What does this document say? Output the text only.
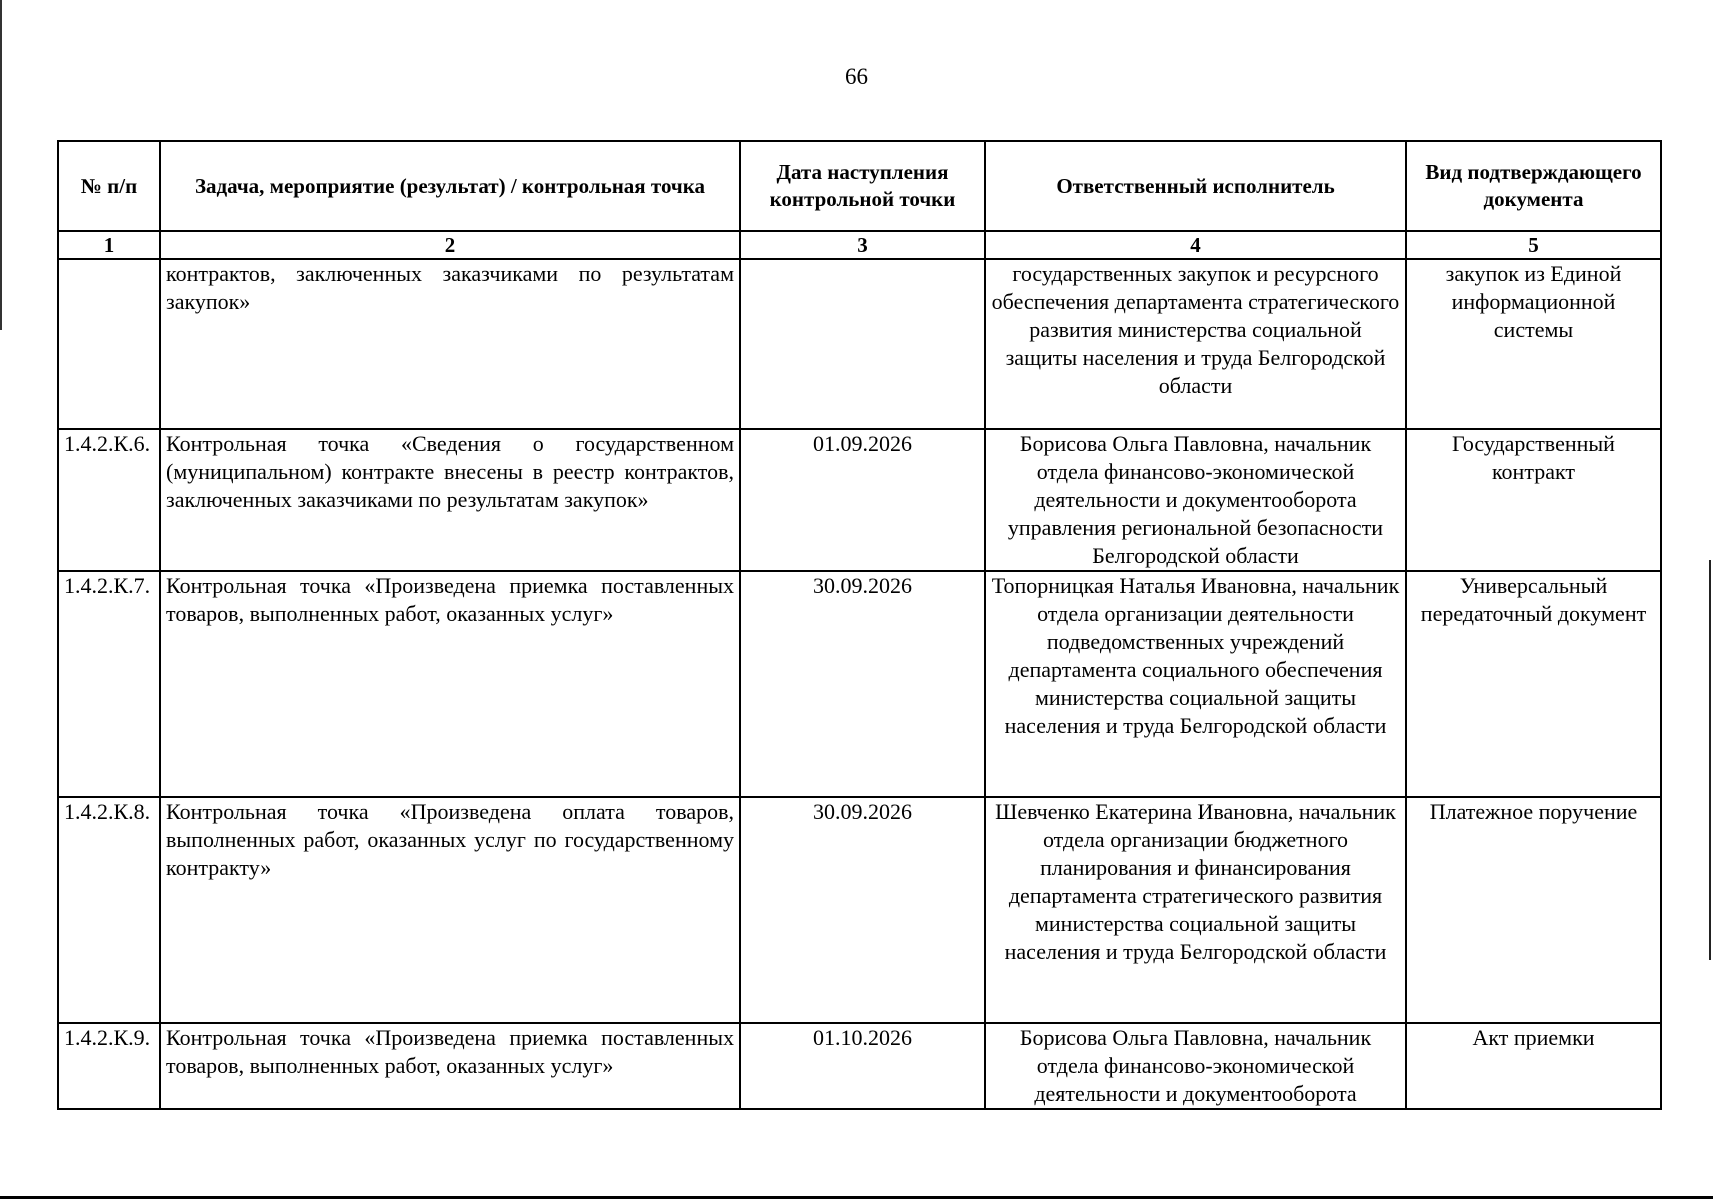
66
№ п/п	Задача, мероприятие (результат) / контрольная точка	Дата наступления контрольной точки	Ответственный исполнитель	Вид подтверждающего документа
1	2	3	4	5
	контрактов, заключенных заказчиками по результатам закупок»		государственных закупок и ресурсного обеспечения департамента стратегического развития министерства социальной защиты населения и труда Белгородской области	закупок из Единой информационной системы
1.4.2.К.6.	Контрольная точка «Сведения о государственном (муниципальном) контракте внесены в реестр контрактов, заключенных заказчиками по результатам закупок»	01.09.2026	Борисова Ольга Павловна, начальник отдела финансово-экономической деятельности и документооборота управления региональной безопасности Белгородской области	Государственный контракт
1.4.2.К.7.	Контрольная точка «Произведена приемка поставленных товаров, выполненных работ, оказанных услуг»	30.09.2026	Топорницкая Наталья Ивановна, начальник отдела организации деятельности подведомственных учреждений департамента социального обеспечения министерства социальной защиты населения и труда Белгородской области	Универсальный передаточный документ
1.4.2.К.8.	Контрольная точка «Произведена оплата товаров, выполненных работ, оказанных услуг по государственному контракту»	30.09.2026	Шевченко Екатерина Ивановна, начальник отдела организации бюджетного планирования и финансирования департамента стратегического развития министерства социальной защиты населения и труда Белгородской области	Платежное поручение
1.4.2.К.9.	Контрольная точка «Произведена приемка поставленных товаров, выполненных работ, оказанных услуг»	01.10.2026	Борисова Ольга Павловна, начальник отдела финансово-экономической деятельности и документооборота	Акт приемки
